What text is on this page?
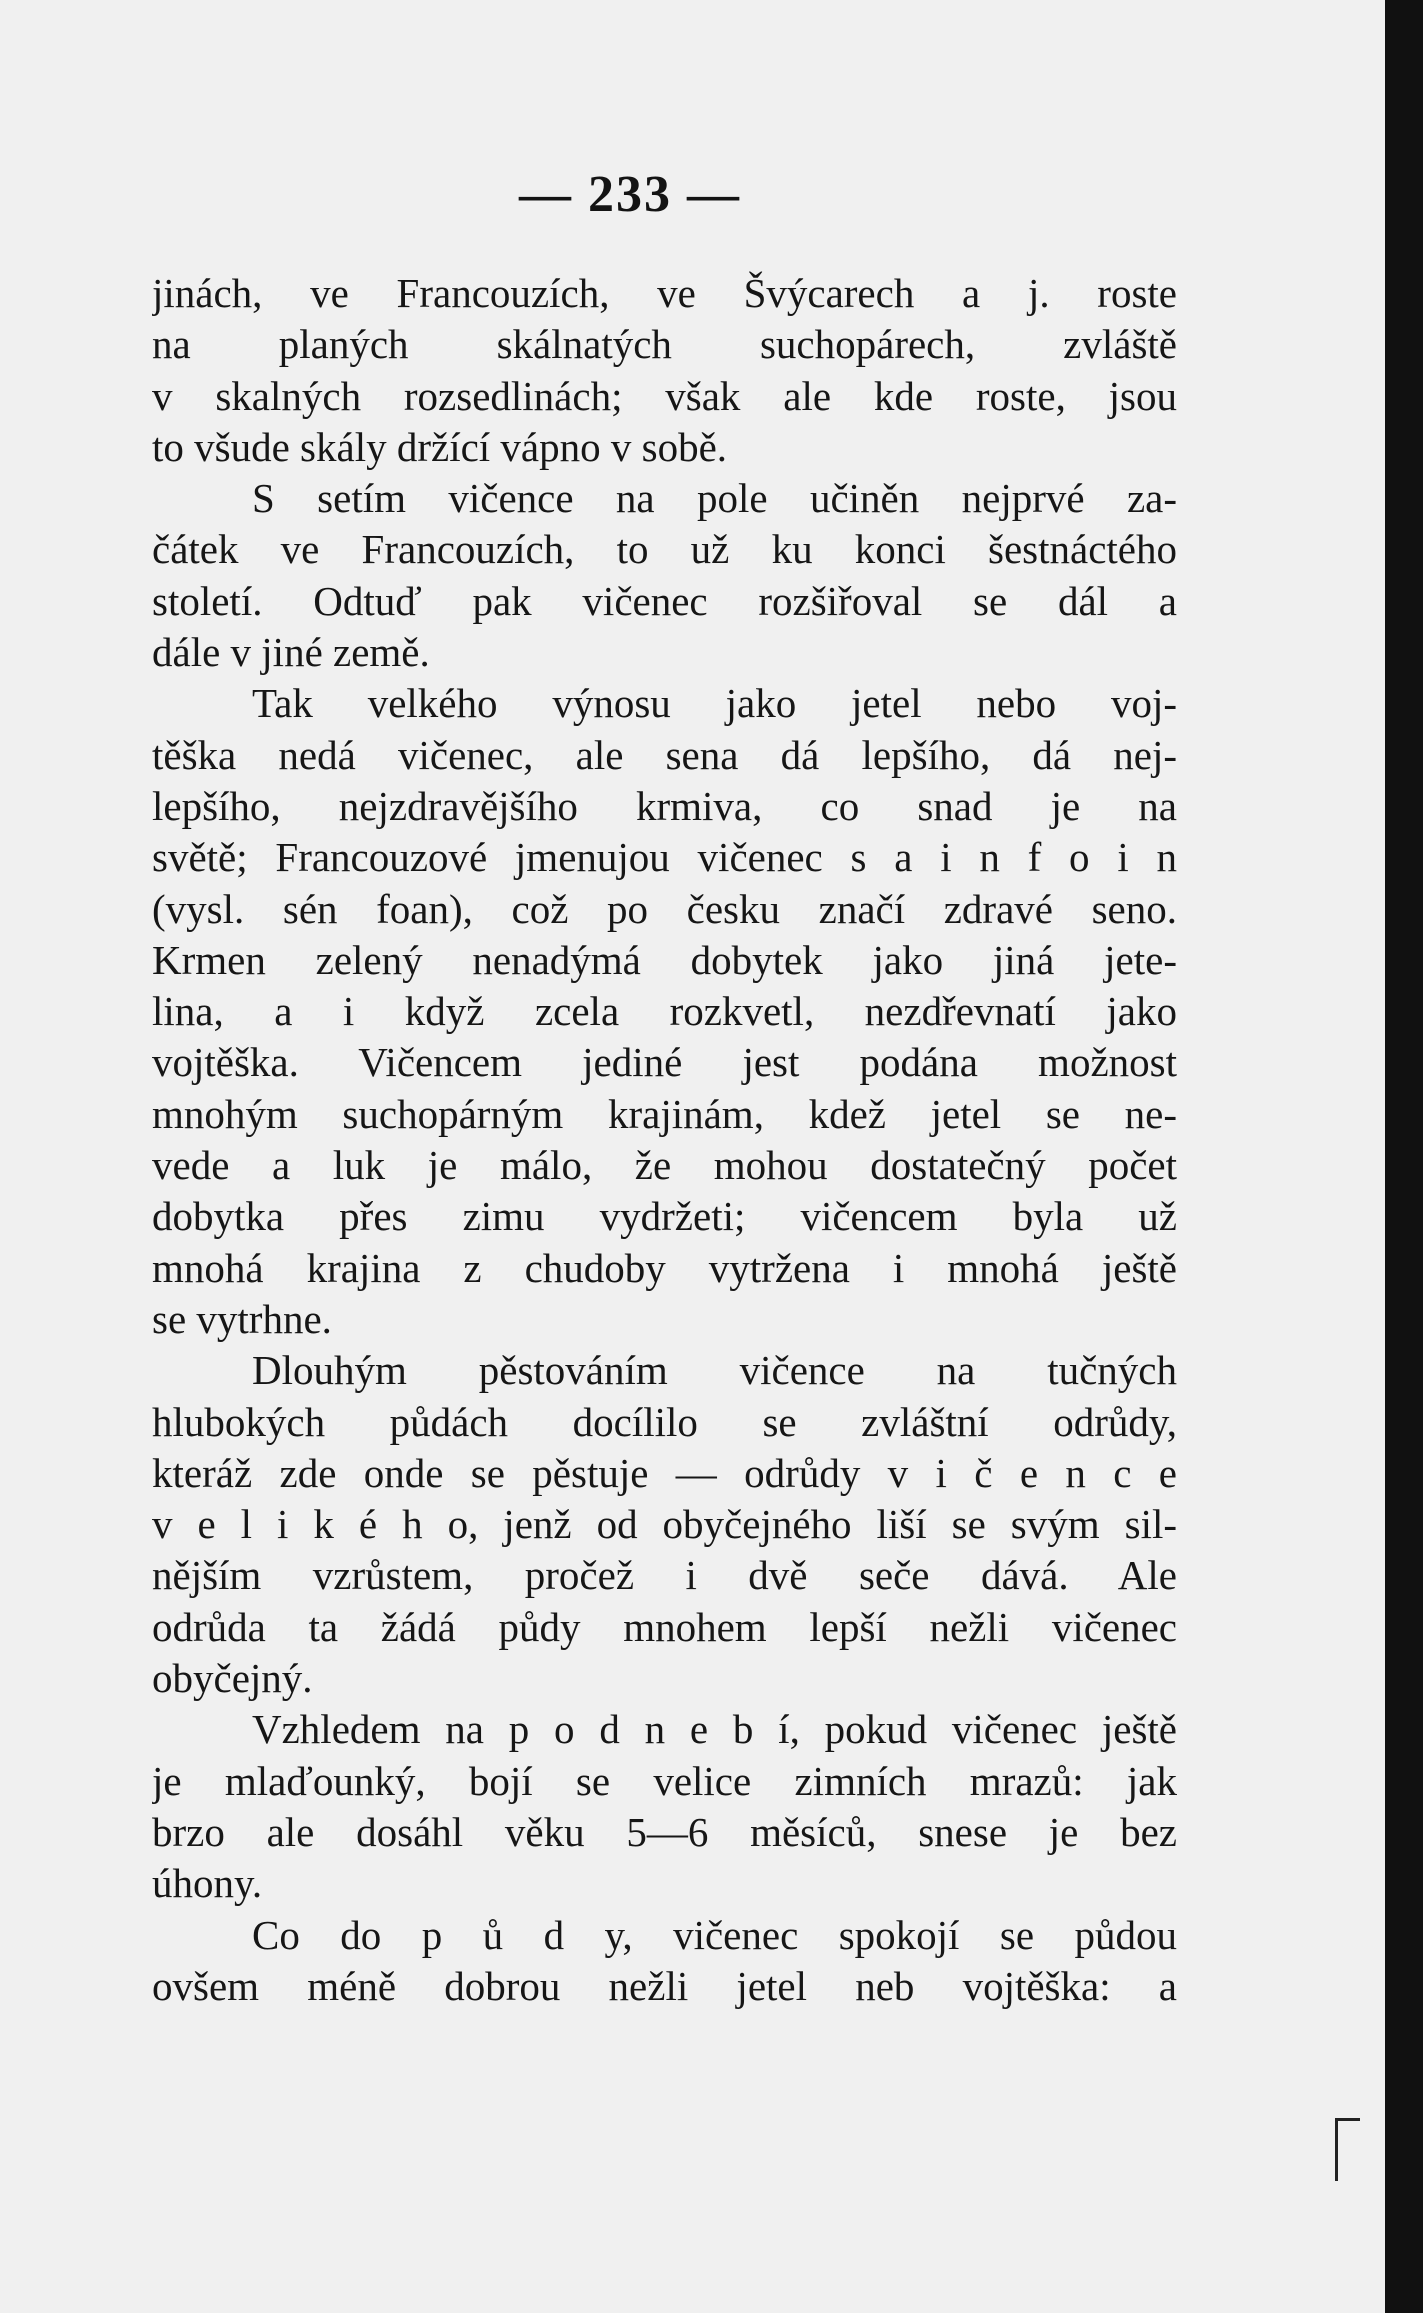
— 233 —
jinách, ve Francouzích, ve Švýcarech a j. roste
na planých skálnatých suchopárech, zvláště
v skalných rozsedlinách; však ale kde roste, jsou
to všude skály držící vápno v sobě.
S setím vičence na pole učiněn nejprvé za-
čátek ve Francouzích, to už ku konci šestnáctého
století. Odtuď pak vičenec rozšiřoval se dál a
dále v jiné země.
Tak velkého výnosu jako jetel nebo voj-
těška nedá vičenec, ale sena dá lepšího, dá nej-
lepšího, nejzdravějšího krmiva, co snad je na
světě; Francouzové jmenujou vičenec s a i n f o i n
(vysl. sén foan), což po česku značí zdravé seno.
Krmen zelený nenadýmá dobytek jako jiná jete-
lina, a i když zcela rozkvetl, nezdřevnatí jako
vojtěška. Vičencem jediné jest podána možnost
mnohým suchopárným krajinám, kdež jetel se ne-
vede a luk je málo, že mohou dostatečný počet
dobytka přes zimu vydržeti; vičencem byla už
mnohá krajina z chudoby vytržena i mnohá ještě
se vytrhne.
Dlouhým pěstováním vičence na tučných
hlubokých půdách docílilo se zvláštní odrůdy,
kteráž zde onde se pěstuje — odrůdy v i č e n c e
v e l i k é h o, jenž od obyčejného liší se svým sil-
nějším vzrůstem, pročež i dvě seče dává. Ale
odrůda ta žádá půdy mnohem lepší nežli vičenec
obyčejný.
Vzhledem na p o d n e b í, pokud vičenec ještě
je mlaďounký, bojí se velice zimních mrazů: jak
brzo ale dosáhl věku 5—6 měsíců, snese je bez
úhony.
Co do p ů d y, vičenec spokojí se půdou
ovšem méně dobrou nežli jetel neb vojtěška: a
